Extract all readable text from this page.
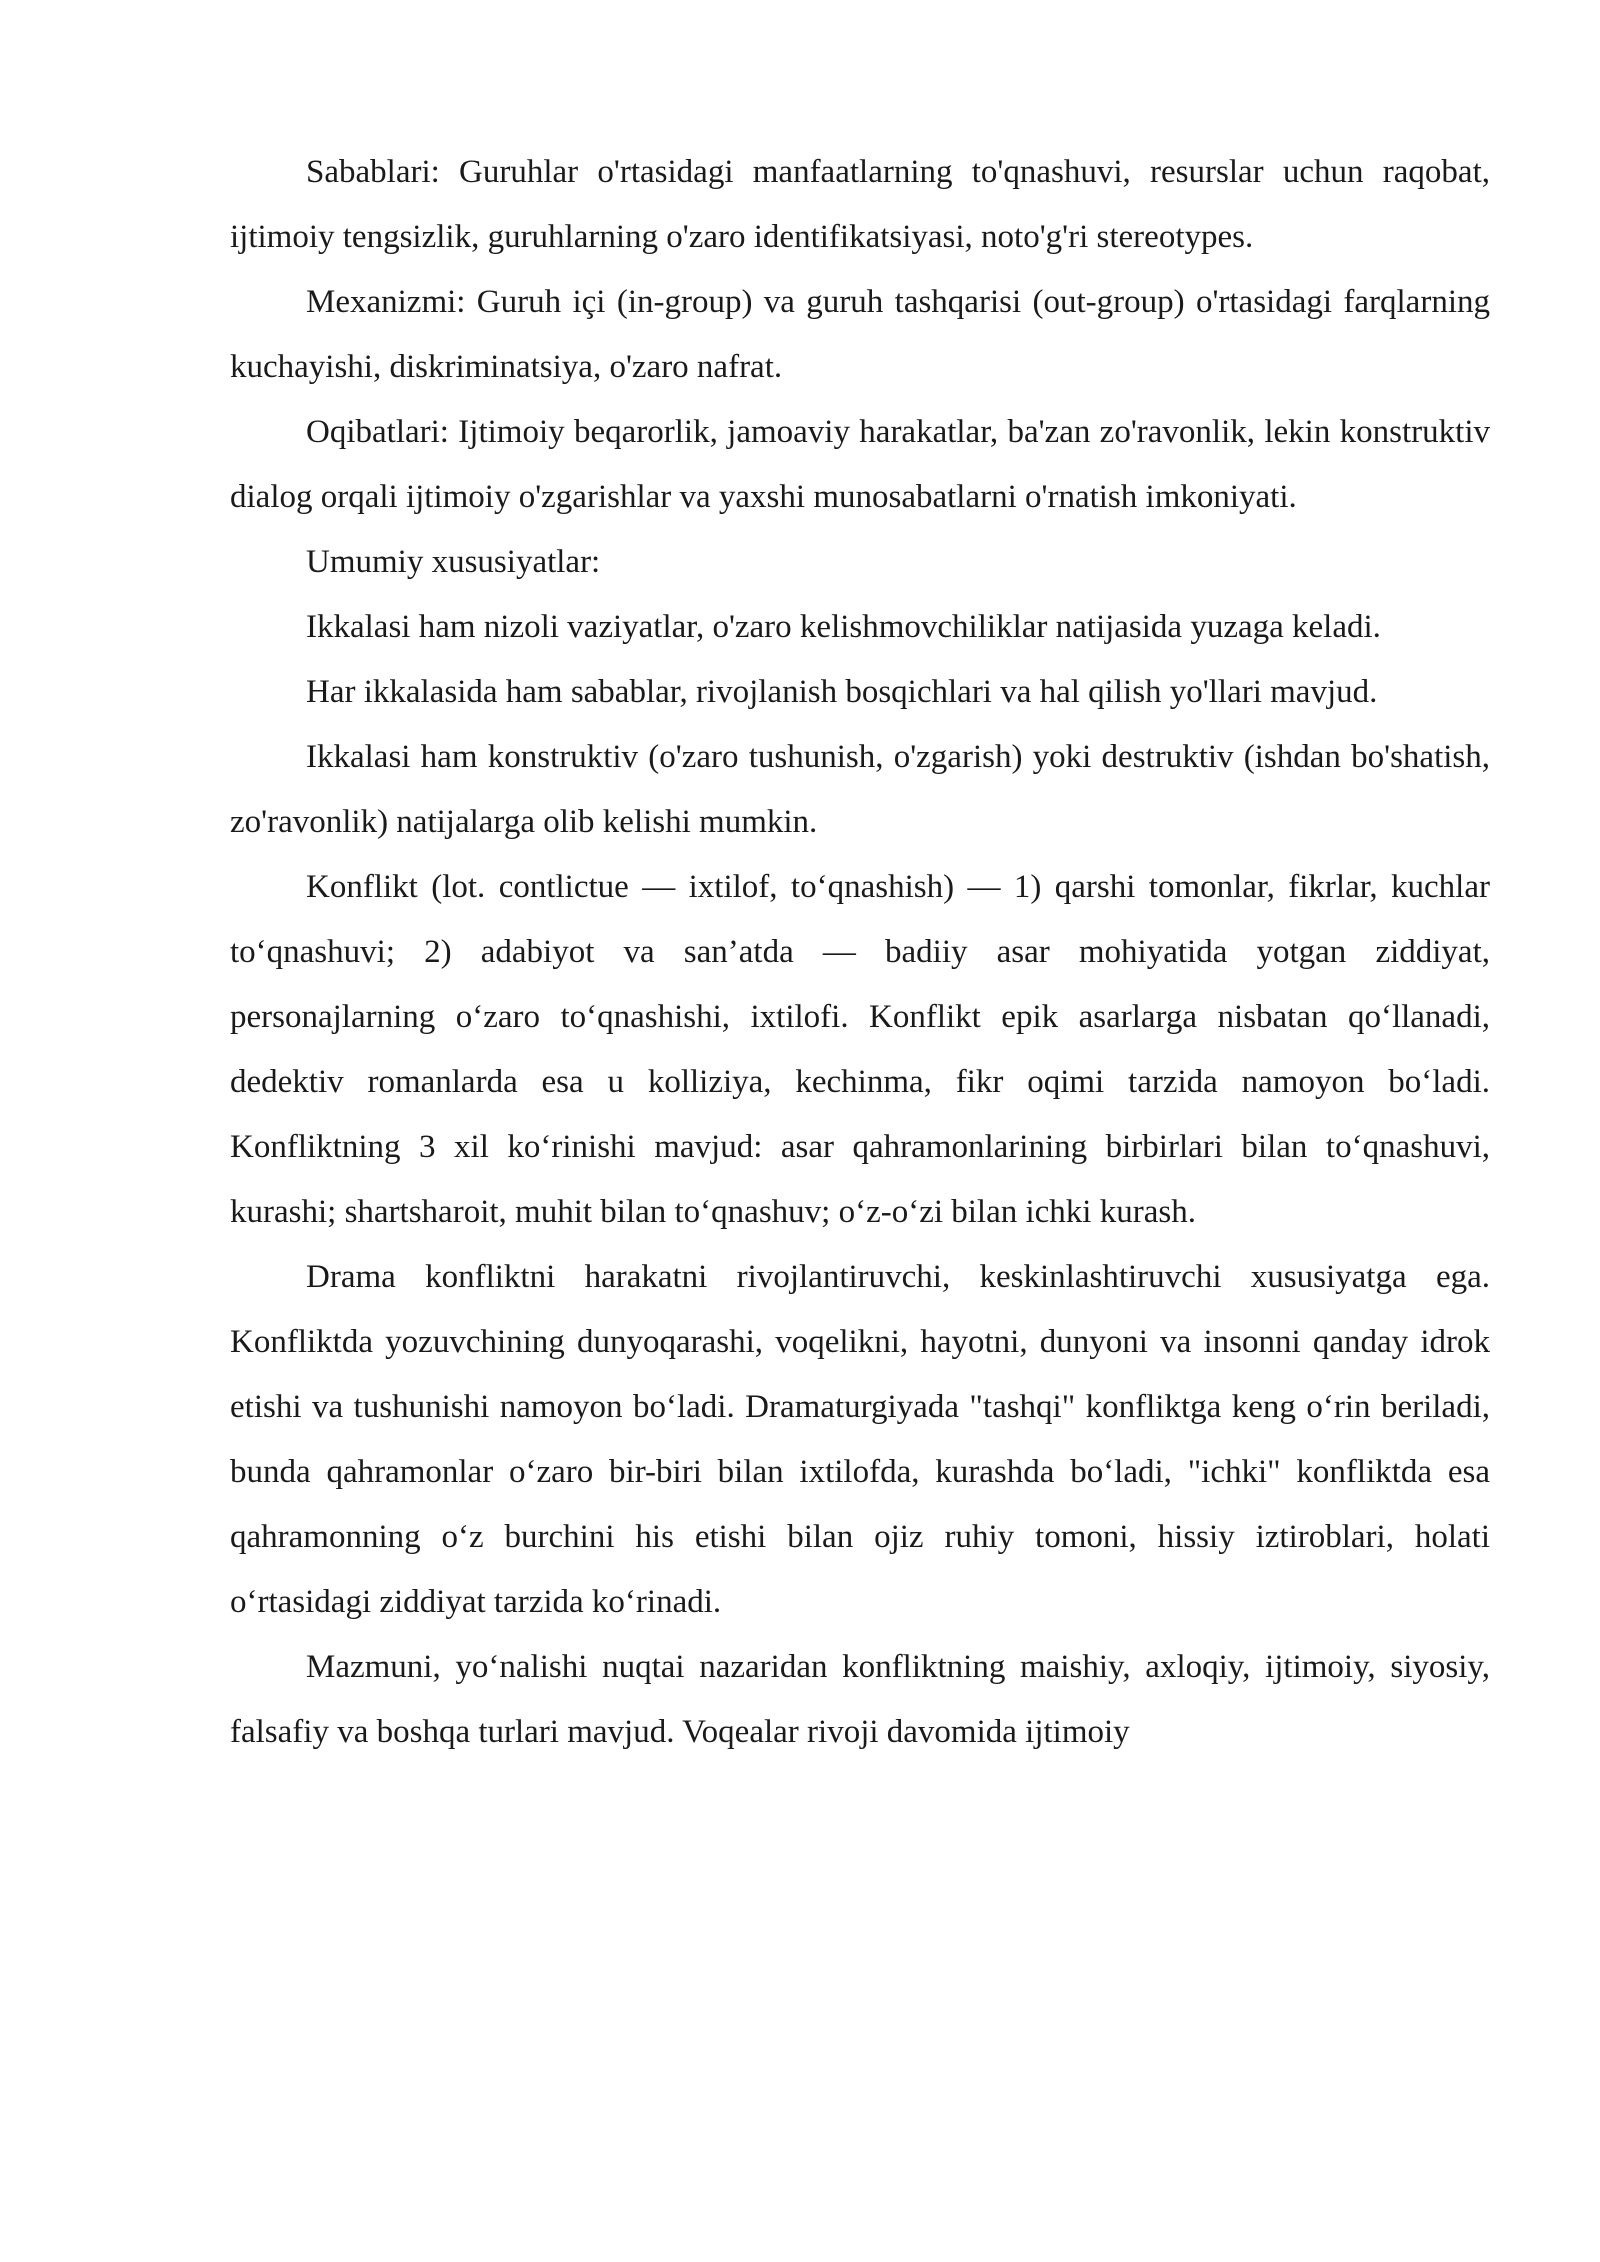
Sabablari: Guruhlar o'rtasidagi manfaatlarning to'qnashuvi, resurslar uchun raqobat, ijtimoiy tengsizlik, guruhlarning o'zaro identifikatsiyasi, noto'g'ri stereotypes.

Mexanizmi: Guruh içi (in-group) va guruh tashqarisi (out-group) o'rtasidagi farqlarning kuchayishi, diskriminatsiya, o'zaro nafrat.

Oqibatlari: Ijtimoiy beqarorlik, jamoaviy harakatlar, ba'zan zo'ravonlik, lekin konstruktiv dialog orqali ijtimoiy o'zgarishlar va yaxshi munosabatlarni o'rnatish imkoniyati.

Umumiy xususiyatlar:

Ikkalasi ham nizoli vaziyatlar, o'zaro kelishmovchiliklar natijasida yuzaga keladi.

Har ikkalasida ham sabablar, rivojlanish bosqichlari va hal qilish yo'llari mavjud.

Ikkalasi ham konstruktiv (o'zaro tushunish, o'zgarish) yoki destruktiv (ishdan bo'shatish, zo'ravonlik) natijalarga olib kelishi mumkin.

Konflikt (lot. contlictue — ixtilof, to‘qnashish) — 1) qarshi tomonlar, fikrlar, kuchlar to‘qnashuvi; 2) adabiyot va san’atda — badiiy asar mohiyatida yotgan ziddiyat, personajlarning o‘zaro to‘qnashishi, ixtilofi. Konflikt epik asarlarga nisbatan qo‘llanadi, dedektiv romanlarda esa u kolliziya, kechinma, fikr oqimi tarzida namoyon bo‘ladi. Konfliktning 3 xil ko‘rinishi mavjud: asar qahramonlarining birbirlari bilan to‘qnashuvi, kurashi; shartsharoit, muhit bilan to‘qnashuv; o‘z-o‘zi bilan ichki kurash.

Drama konfliktni harakatni rivojlantiruvchi, keskinlashtiruvchi xususiyatga ega. Konfliktda yozuvchining dunyoqarashi, voqelikni, hayotni, dunyoni va insonni qanday idrok etishi va tushunishi namoyon bo‘ladi. Dramaturgiyada "tashqi" konfliktga keng o‘rin beriladi, bunda qahramonlar o‘zaro bir-biri bilan ixtilofda, kurashda bo‘ladi, "ichki" konfliktda esa qahramonning o‘z burchini his etishi bilan ojiz ruhiy tomoni, hissiy iztiroblari, holati o‘rtasidagi ziddiyat tarzida ko‘rinadi.

Mazmuni, yo‘nalishi nuqtai nazaridan konfliktning maishiy, axloqiy, ijtimoiy, siyosiy, falsafiy va boshqa turlari mavjud. Voqealar rivoji davomida ijtimoiy
